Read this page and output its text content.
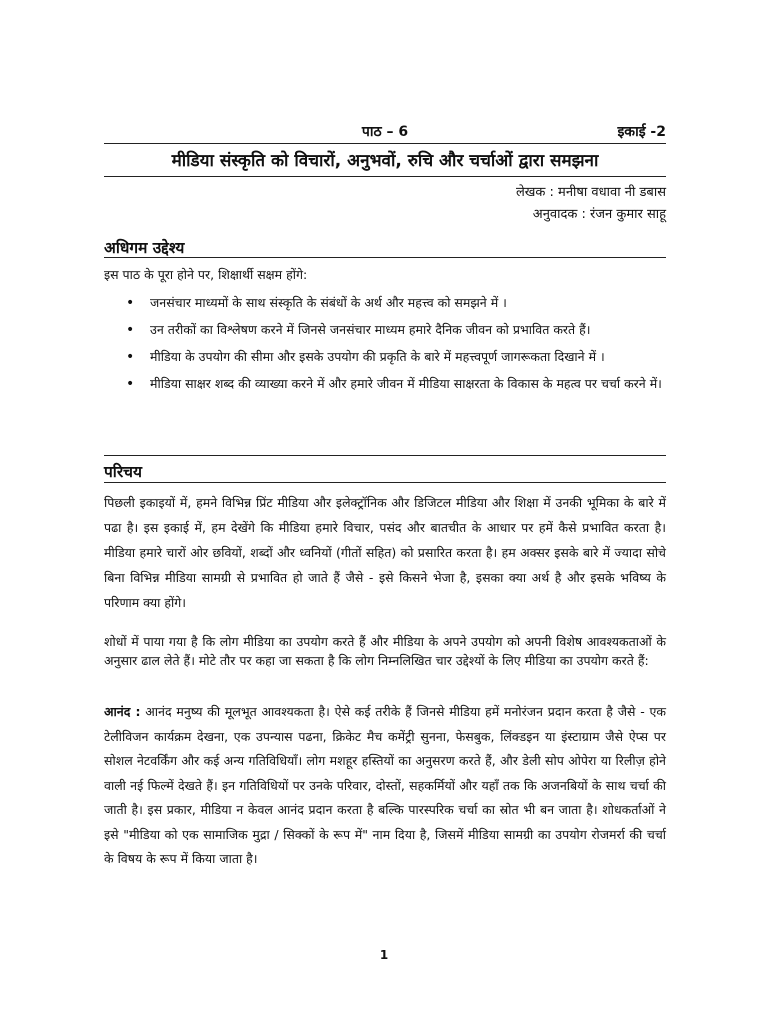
पाठ – 6	इकाई -2
मीडिया संस्कृति को विचारों, अनुभवों, रुचि और चर्चाओं द्वारा समझना
लेखक : मनीषा वधावा नी डबास
अनुवादक : रंजन कुमार साहू
अधिगम उद्देश्य
इस पाठ के पूरा होने पर, शिक्षार्थी सक्षम होंगे:
• जनसंचार माध्यमों के साथ संस्कृति के संबंधों के अर्थ और महत्त्व को समझने में ।
• उन तरीकों का विश्लेषण करने में जिनसे जनसंचार माध्यम हमारे दैनिक जीवन को प्रभावित करते हैं।
• मीडिया के उपयोग की सीमा और इसके उपयोग की प्रकृति के बारे में महत्त्वपूर्ण जागरूकता दिखाने में ।
• मीडिया साक्षर शब्द की व्याख्या करने में और हमारे जीवन में मीडिया साक्षरता के विकास के महत्व पर चर्चा करने में।
परिचय
पिछली इकाइयों में, हमने विभिन्न प्रिंट मीडिया और इलेक्ट्रॉनिक और डिजिटल मीडिया और शिक्षा में उनकी भूमिका के बारे में पढा है। इस इकाई में, हम देखेंगे कि मीडिया हमारे विचार, पसंद और बातचीत के आधार पर हमें कैसे प्रभावित करता है। मीडिया हमारे चारों ओर छवियों, शब्दों और ध्वनियों (गीतों सहित) को प्रसारित करता है। हम अक्सर इसके बारे में ज्यादा सोचे बिना विभिन्न मीडिया सामग्री से प्रभावित हो जाते हैं जैसे - इसे किसने भेजा है, इसका क्या अर्थ है और इसके भविष्य के परिणाम क्या होंगे।
शोधों में पाया गया है कि लोग मीडिया का उपयोग करते हैं और मीडिया के अपने उपयोग को अपनी विशेष आवश्यकताओं के अनुसार ढाल लेते हैं। मोटे तौर पर कहा जा सकता है कि लोग निम्नलिखित चार उद्देश्यों के लिए मीडिया का उपयोग करते हैं:
आनंद : आनंद मनुष्य की मूलभूत आवश्यकता है। ऐसे कई तरीके हैं जिनसे मीडिया हमें मनोरंजन प्रदान करता है जैसे - एक टेलीविजन कार्यक्रम देखना, एक उपन्यास पढना, क्रिकेट मैच कमेंट्री सुनना, फेसबुक, लिंक्डइन या इंस्टाग्राम जैसे ऐप्स पर सोशल नेटवर्किंग और कई अन्य गतिविधियाँ। लोग मशहूर हस्तियों का अनुसरण करते हैं, और डेली सोप ओपेरा या रिलीज़ होने वाली नई फिल्में देखते हैं। इन गतिविधियों पर उनके परिवार, दोस्तों, सहकर्मियों और यहाँ तक कि अजनबियों के साथ चर्चा की जाती है। इस प्रकार, मीडिया न केवल आनंद प्रदान करता है बल्कि पारस्परिक चर्चा का स्रोत भी बन जाता है। शोधकर्ताओं ने इसे "मीडिया को एक सामाजिक मुद्रा / सिक्कों के रूप में" नाम दिया है, जिसमें मीडिया सामग्री का उपयोग रोजमर्रा की चर्चा के विषय के रूप में किया जाता है।
1
